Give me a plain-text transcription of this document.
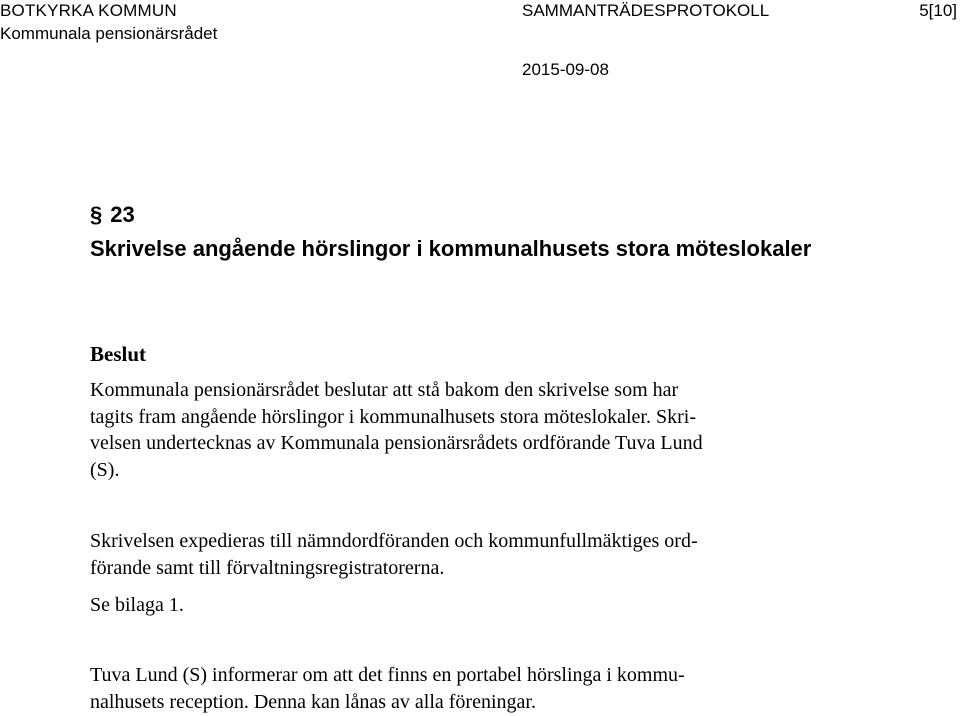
BOTKYRKA KOMMUN	SAMMANTRÄDESPROTOKOLL	5[10]
Kommunala pensionärsrådet
2015-09-08
§ 23
Skrivelse angående hörslingor i kommunalhusets stora möteslokaler
Beslut
Kommunala pensionärsrådet beslutar att stå bakom den skrivelse som har
tagits fram angående hörslingor i kommunalhusets stora möteslokaler. Skri-
velsen undertecknas av Kommunala pensionärsrådets ordförande Tuva Lund
(S).
Skrivelsen expedieras till nämndordföranden och kommunfullmäktiges ord-
förande samt till förvaltningsregistratorerna.
Se bilaga 1.
Tuva Lund (S) informerar om att det finns en portabel hörslinga i kommu-
nalhusets reception. Denna kan lånas av alla föreningar.
